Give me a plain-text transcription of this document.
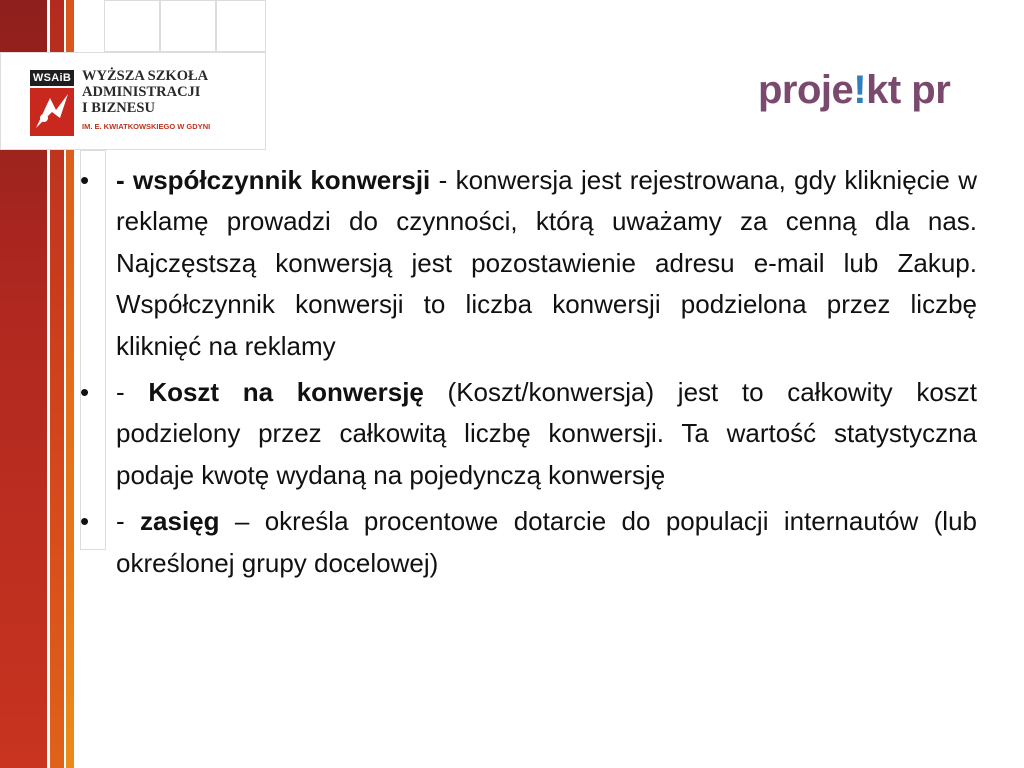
WSAiB WYŻSZA SZKOŁA
ADMINISTRACJI
I BIZNESU
IM. E. KWIATKOWSKIEGO W GDYNI
proje!kt pr
• - współczynnik konwersji - konwersja jest rejestrowana, gdy kliknięcie w reklamę prowadzi do czynności, którą uważamy za cenną dla nas. Najczęstszą konwersją jest pozostawienie adresu e-mail lub Zakup. Współczynnik konwersji to liczba konwersji podzielona przez liczbę kliknięć na reklamy
• - Koszt na konwersję (Koszt/konwersja) jest to całkowity koszt podzielony przez całkowitą liczbę konwersji. Ta wartość statystyczna podaje kwotę wydaną na pojedynczą konwersję
• - zasięg – określa procentowe dotarcie do populacji internautów (lub określonej grupy docelowej)
